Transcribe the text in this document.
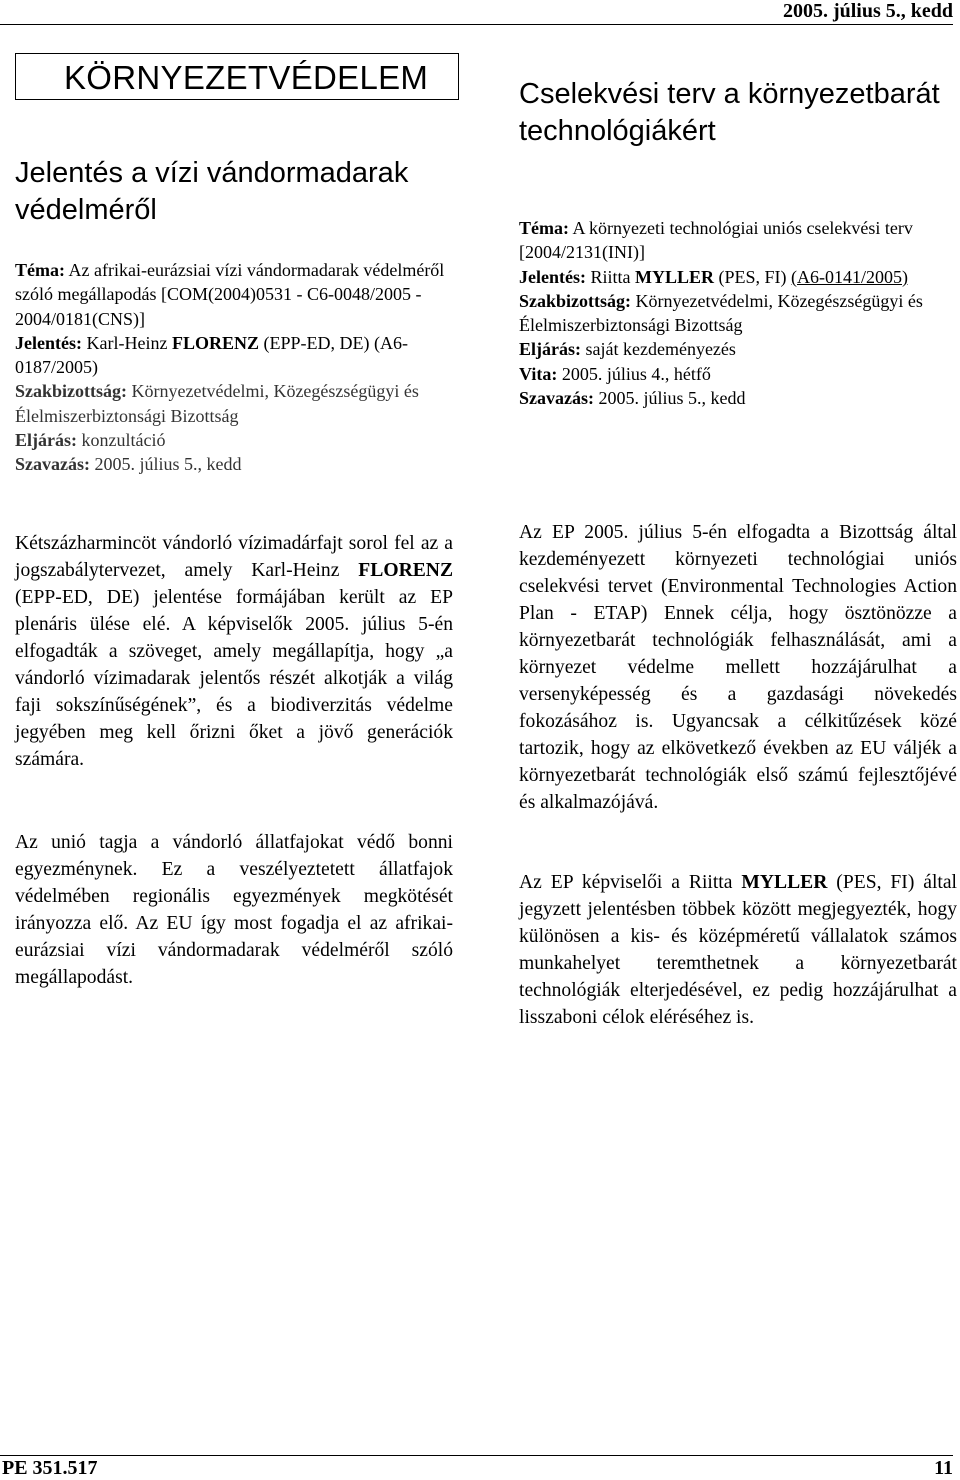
2005. július 5., kedd
KÖRNYEZETVÉDELEM
Jelentés a vízi vándormadarak védelméről

Téma: Az afrikai-eurázsiai vízi vándormadarak védelméről szóló megállapodás [COM(2004)0531 - C6-0048/2005 - 2004/0181(CNS)]

Jelentés: Karl-Heinz FLORENZ (EPP-ED, DE) (A6-0187/2005)

Szakbizottság: Környezetvédelmi, Közegészségügyi és Élelmiszerbiztonsági Bizottság

Eljárás: konzultáció

Szavazás: 2005. július 5., kedd

Kétszázharmincöt vándorló vízimadárfajt sorol fel az a jogszabálytervezet, amely Karl-Heinz FLORENZ (EPP-ED, DE) jelentése formájában került az EP plenáris ülése elé. A képviselők 2005. július 5-én elfogadták a szöveget, amely megállapítja, hogy „a vándorló vízimadarak jelentős részét alkotják a világ faji sokszínűségének”, és a biodiverzitás védelme jegyében meg kell őrizni őket a jövő generációk számára.

Az unió tagja a vándorló állatfajokat védő bonni egyezménynek. Ez a veszélyeztetett állatfajok védelmében regionális egyezmények megkötését irányozza elő. Az EU így most fogadja el az afrikai-eurázsiai vízi vándormadarak védelméről szóló megállapodást.

Cselekvési terv a környezetbarát technológiákért

Téma: A környezeti technológiai uniós cselekvési terv [2004/2131(INI)]

Jelentés: Riitta MYLLER (PES, FI) (A6-0141/2005)

Szakbizottság: Környezetvédelmi, Közegészségügyi és Élelmiszerbiztonsági Bizottság

Eljárás: saját kezdeményezés

Vita: 2005. július 4., hétfő

Szavazás: 2005. július 5., kedd

Az EP 2005. július 5-én elfogadta a Bizottság által kezdeményezett környezeti technológiai uniós cselekvési tervet (Environmental Technologies Action Plan - ETAP) Ennek célja, hogy ösztönözze a környezetbarát technológiák felhasználását, ami a környezet védelme mellett hozzájárulhat a versenyképesség és a gazdasági növekedés fokozásához is. Ugyancsak a célkitűzések közé tartozik, hogy az elkövetkező években az EU váljék a környezetbarát technológiák első számú fejlesztőjévé és alkalmazójává.

Az EP képviselői a Riitta MYLLER (PES, FI) által jegyzett jelentésben többek között megjegyezték, hogy különösen a kis- és középméretű vállalatok számos munkahelyet teremthetnek a környezetbarát technológiák elterjedésével, ez pedig hozzájárulhat a lisszaboni célok eléréséhez is.

PE 351.517	11
